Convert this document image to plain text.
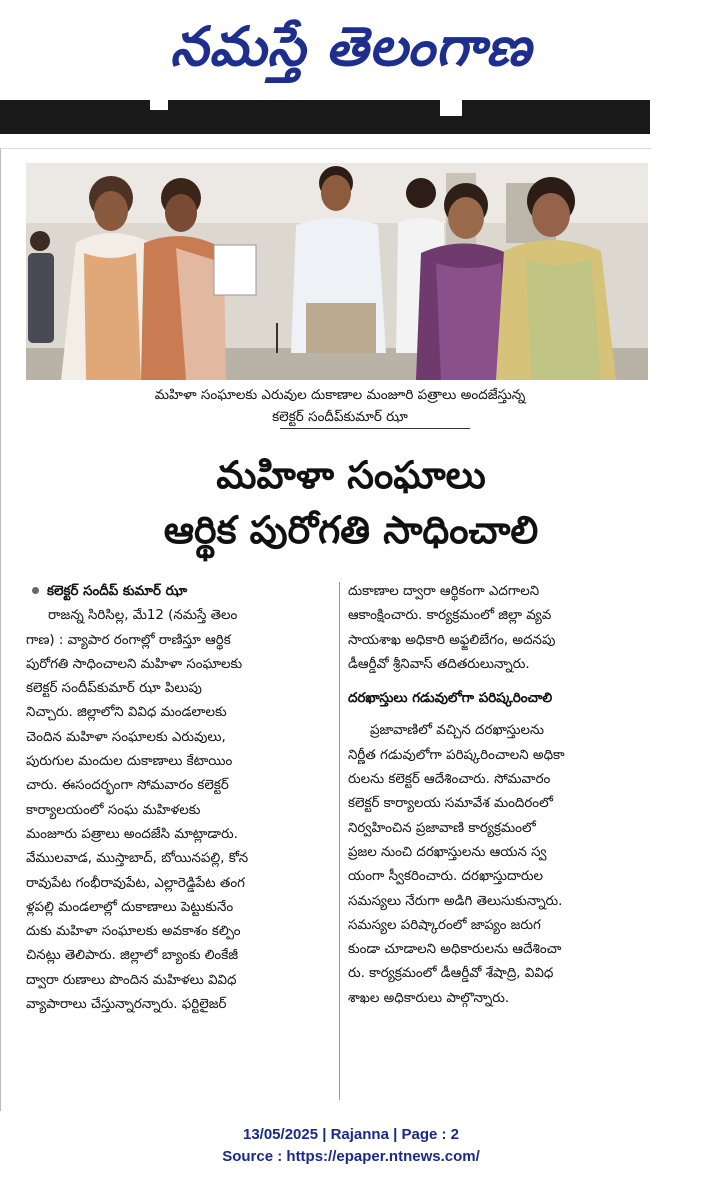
నమస్తే తెలంగాణ
మహిళా సంఘాలకు ఎరువుల దుకాణాల మంజూరి పత్రాలు అందజేస్తున్న
కలెక్టర్ సందీప్‌కుమార్ ఝా
మహిళా సంఘాలు
ఆర్థిక పురోగతి సాధించాలి
కలెక్టర్ సందీప్ కుమార్ ఝా
రాజన్న సిరిసిల్ల, మే12 (నమస్తే తెలం
గాణ) : వ్యాపార రంగాల్లో రాణిస్తూ ఆర్థిక
పురోగతి సాధించాలని మహిళా సంఘాలకు
కలెక్టర్ సందీప్‌కుమార్ ఝా పిలుపు
నిచ్చారు. జిల్లాలోని వివిధ మండలాలకు
చెందిన మహిళా సంఘాలకు ఎరువులు,
పురుగుల మందుల దుకాణాలు కేటాయిం
చారు. ఈసందర్భంగా సోమవారం కలెక్టర్
కార్యాలయంలో సంఘ మహిళలకు
మంజూరు పత్రాలు అందజేసి మాట్లాడారు.
వేములవాడ, ముస్తాబాద్, బోయినపల్లి, కోన
రావుపేట గంభీరావుపేట, ఎల్లారెడ్డిపేట తంగ
ళ్లపల్లి మండలాల్లో దుకాణాలు పెట్టుకునేం
దుకు మహిళా సంఘాలకు అవకాశం కల్పిం
చినట్లు తెలిపారు. జిల్లాలో బ్యాంకు లింకేజీ
ద్వారా రుణాలు పొందిన మహిళలు వివిధ
వ్యాపారాలు చేస్తున్నారన్నారు. ఫర్టిలైజర్
దుకాణాల ద్వారా ఆర్థికంగా ఎదగాలని
ఆకాంక్షించారు. కార్యక్రమంలో జిల్లా వ్యవ
సాయశాఖ అధికారి అఫ్జలిబేగం, అదనపు
డీఆర్డీవో శ్రీనివాస్ తదితరులున్నారు.
దరఖాస్తులు గడువులోగా పరిష్కరించాలి
ప్రజావాణిలో వచ్చిన దరఖాస్తులను
నిర్ణీత గడువులోగా పరిష్కరించాలని అధికా
రులను కలెక్టర్ ఆదేశించారు. సోమవారం
కలెక్టర్ కార్యాలయ సమావేశ మందిరంలో
నిర్వహించిన ప్రజావాణి కార్యక్రమంలో
ప్రజల నుంచి దరఖాస్తులను ఆయన స్వ
యంగా స్వీకరించారు. దరఖాస్తుదారుల
సమస్యలు నేరుగా అడిగి తెలుసుకున్నారు.
సమస్యల పరిష్కారంలో జాప్యం జరుగ
కుండా చూడాలని అధికారులను ఆదేశించా
రు. కార్యక్రమంలో డీఆర్డీవో శేషాద్రి, వివిధ
శాఖల అధికారులు పాల్గొన్నారు.
13/05/2025 | Rajanna | Page : 2
Source : https://epaper.ntnews.com/
